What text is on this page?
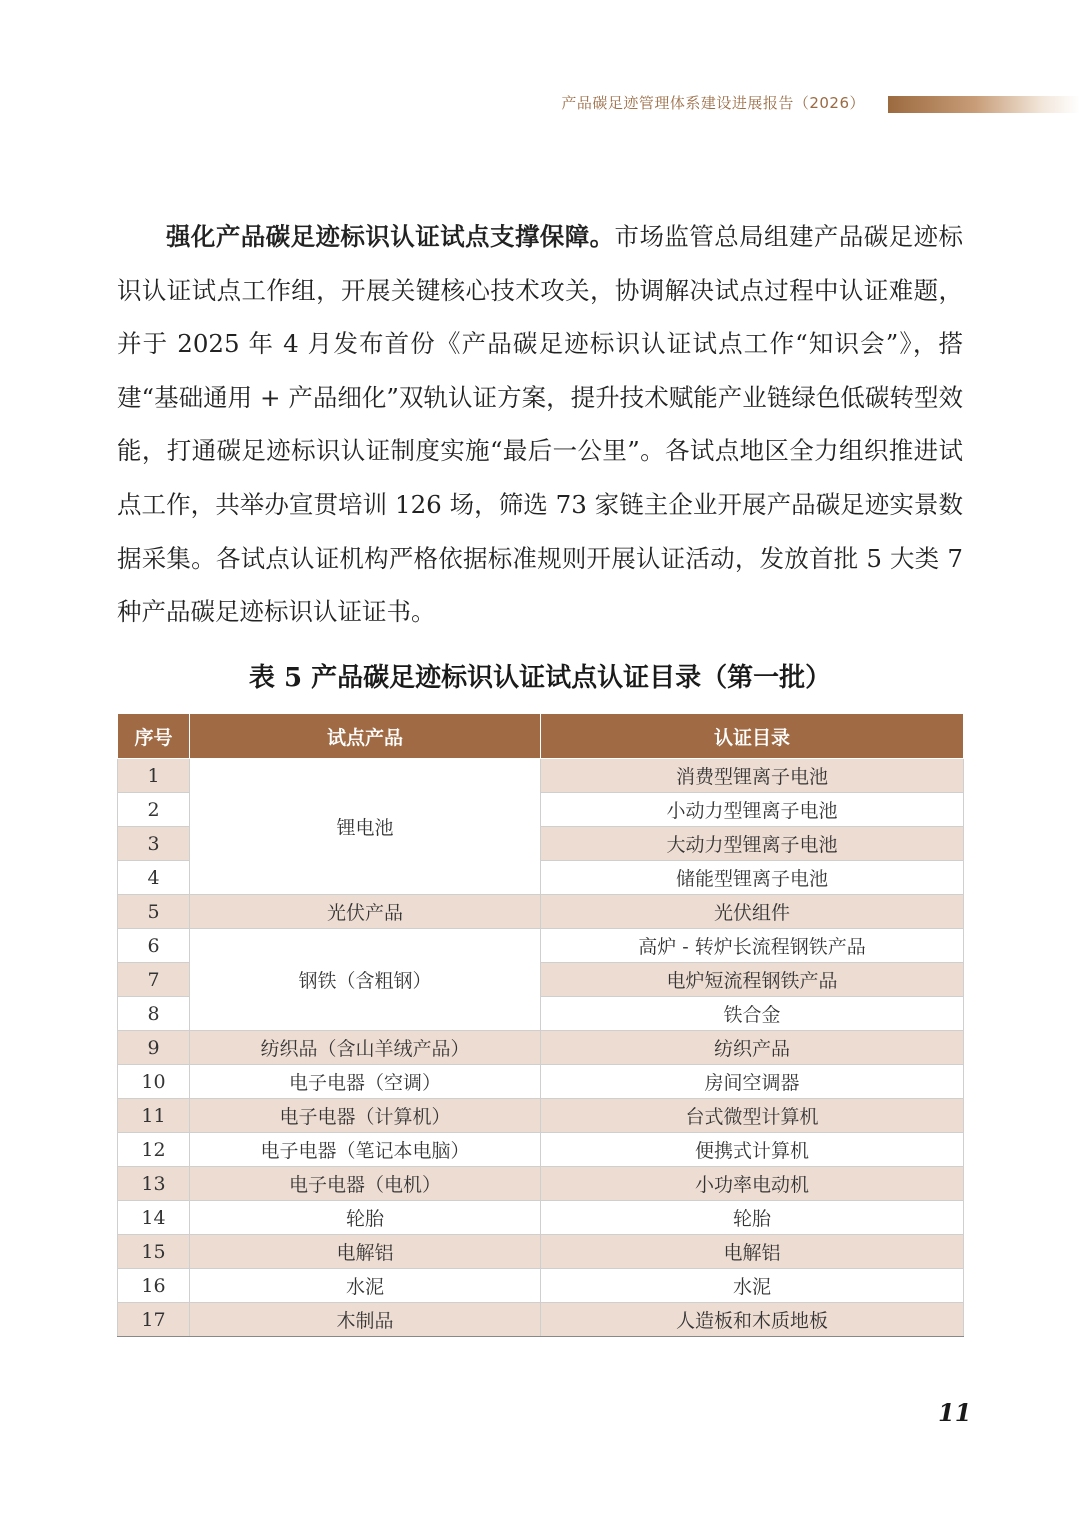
产品碳足迹管理体系建设进展报告（2026）

强化产品碳足迹标识认证试点支撑保障。市场监管总局组建产品碳足迹标识认证试点工作组，开展关键核心技术攻关，协调解决试点过程中认证难题，并于 2025 年 4 月发布首份《产品碳足迹标识认证试点工作“知识会”》，搭建“基础通用 + 产品细化”双轨认证方案，提升技术赋能产业链绿色低碳转型效能，打通碳足迹标识认证制度实施“最后一公里”。各试点地区全力组织推进试点工作，共举办宣贯培训 126 场，筛选 73 家链主企业开展产品碳足迹实景数据采集。各试点认证机构严格依据标准规则开展认证活动，发放首批 5 大类 7 种产品碳足迹标识认证证书。

表 5 产品碳足迹标识认证试点认证目录（第一批）
序号	试点产品	认证目录
1	锂电池	消费型锂离子电池
2		小动力型锂离子电池
3		大动力型锂离子电池
4		储能型锂离子电池
5	光伏产品	光伏组件
6	钢铁（含粗钢）	高炉 - 转炉长流程钢铁产品
7		电炉短流程钢铁产品
8		铁合金
9	纺织品（含山羊绒产品）	纺织产品
10	电子电器（空调）	房间空调器
11	电子电器（计算机）	台式微型计算机
12	电子电器（笔记本电脑）	便携式计算机
13	电子电器（电机）	小功率电动机
14	轮胎	轮胎
15	电解铝	电解铝
16	水泥	水泥
17	木制品	人造板和木质地板
11
